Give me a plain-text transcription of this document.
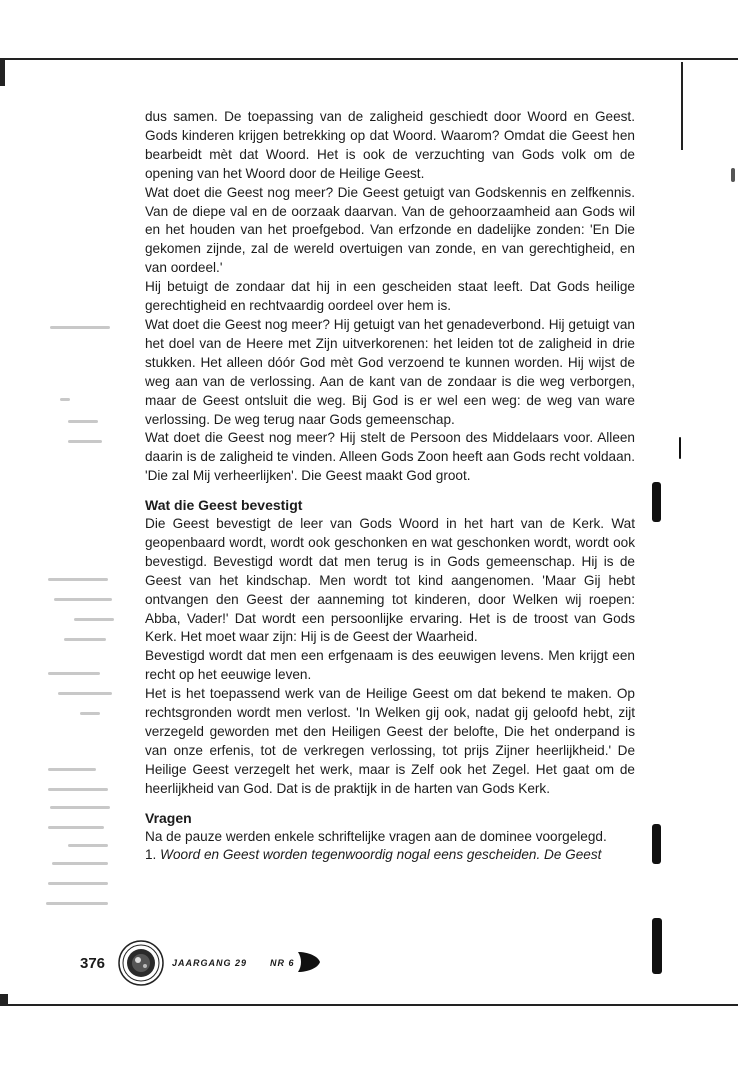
dus samen. De toepassing van de zaligheid geschiedt door Woord en Geest. Gods kinderen krijgen betrekking op dat Woord. Waarom? Omdat die Geest hen bearbeidt mèt dat Woord. Het is ook de verzuchting van Gods volk om de opening van het Woord door de Heilige Geest.

Wat doet die Geest nog meer? Die Geest getuigt van Godskennis en zelfkennis. Van de diepe val en de oorzaak daarvan. Van de gehoorzaamheid aan Gods wil en het houden van het proefgebod. Van erfzonde en dadelijke zonden: 'En Die gekomen zijnde, zal de wereld overtuigen van zonde, en van gerechtigheid, en van oordeel.'

Hij betuigt de zondaar dat hij in een gescheiden staat leeft. Dat Gods heilige gerechtigheid en rechtvaardig oordeel over hem is.

Wat doet die Geest nog meer? Hij getuigt van het genadeverbond. Hij getuigt van het doel van de Heere met Zijn uitverkorenen: het leiden tot de zaligheid in drie stukken. Het alleen dóór God mèt God verzoend te kunnen worden. Hij wijst de weg aan van de verlossing. Aan de kant van de zondaar is die weg verborgen, maar de Geest ontsluit die weg. Bij God is er wel een weg: de weg van ware verlossing. De weg terug naar Gods gemeenschap.

Wat doet die Geest nog meer? Hij stelt de Persoon des Middelaars voor. Alleen daarin is de zaligheid te vinden. Alleen Gods Zoon heeft aan Gods recht voldaan. 'Die zal Mij verheerlijken'. Die Geest maakt God groot.

Wat die Geest bevestigt

Die Geest bevestigt de leer van Gods Woord in het hart van de Kerk. Wat geopenbaard wordt, wordt ook geschonken en wat geschonken wordt, wordt ook bevestigd. Bevestigd wordt dat men terug is in Gods gemeenschap. Hij is de Geest van het kindschap. Men wordt tot kind aangenomen. 'Maar Gij hebt ontvangen den Geest der aanneming tot kinderen, door Welken wij roepen: Abba, Vader!' Dat wordt een persoonlijke ervaring. Het is de troost van Gods Kerk. Het moet waar zijn: Hij is de Geest der Waarheid.

Bevestigd wordt dat men een erfgenaam is des eeuwigen levens. Men krijgt een recht op het eeuwige leven.

Het is het toepassend werk van de Heilige Geest om dat bekend te maken. Op rechtsgronden wordt men verlost. 'In Welken gij ook, nadat gij geloofd hebt, zijt verzegeld geworden met den Heiligen Geest der belofte, Die het onderpand is van onze erfenis, tot de verkregen verlossing, tot prijs Zijner heerlijkheid.' De Heilige Geest verzegelt het werk, maar is Zelf ook het Zegel. Het gaat om de heerlijkheid van God. Dat is de praktijk in de harten van Gods Kerk.

Vragen

Na de pauze werden enkele schriftelijke vragen aan de dominee voorgelegd.

1. Woord en Geest worden tegenwoordig nogal eens gescheiden. De Geest

376	JAARGANG 29	NR 6
